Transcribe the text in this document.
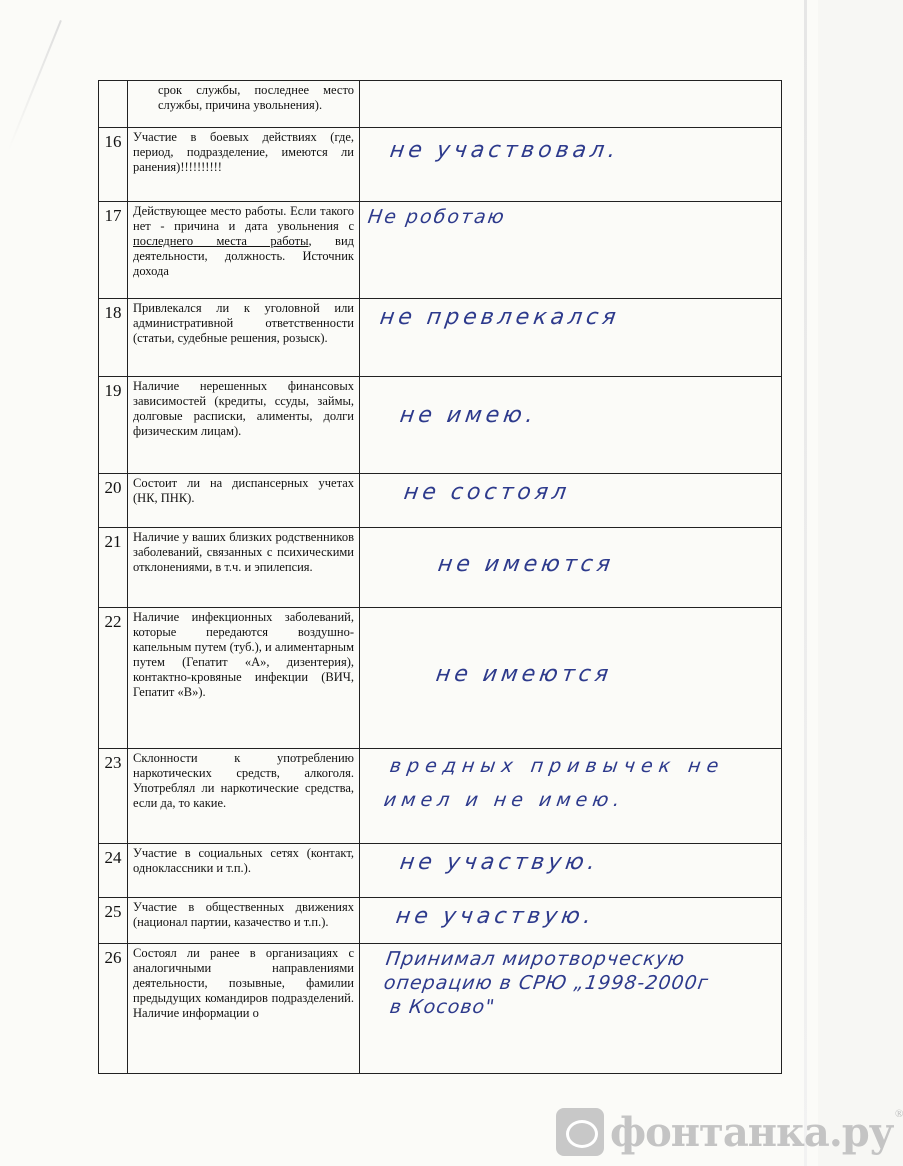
	срок службы, последнее место службы, причина увольнения).	
16	Участие в боевых действиях (где, период, подразделение, имеются ли ранения)!!!!!!!!!!	не участвовал.

17	Действующее место работы. Если такого нет - причина и дата увольнения с последнего места работы, вид деятельности, должность. Источник дохода	Не роботаю

18	Привлекался ли к уголовной или административной ответственности (статьи, судебные решения, розыск).	не превлекался

19	Наличие нерешенных финансовых зависимостей (кредиты, ссуды, займы, долговые расписки, алименты, долги физическим лицам).	не имею.

20	Состоит ли на диспансерных учетах (НК, ПНК).	не состоял

21	Наличие у ваших близких родственников заболеваний, связанных с психическими отклонениями, в т.ч. и эпилепсия.	не имеются

22	Наличие инфекционных заболеваний, которые передаются воздушно-капельным путем (туб.), и алиментарным путем (Гепатит «А», дизентерия), контактно-кровяные инфекции (ВИЧ, Гепатит «В»).	не имеются

23	Склонности к употреблению наркотических средств, алкоголя. Употреблял ли наркотические средства, если да, то какие.	вредных привычек не
имел и не имею.

24	Участие в социальных сетях (контакт, одноклассники и т.п.).	не участвую.

25	Участие в общественных движениях (национал партии, казачество и т.п.).	не участвую.

26	Состоял ли ранее в организациях с аналогичными направлениями деятельности, позывные, фамилии предыдущих командиров подразделений. Наличие информации о	Принимал миротворческую
операцию в СРЮ „1998-2000г
в Косово"
фонтанка.ру ®
